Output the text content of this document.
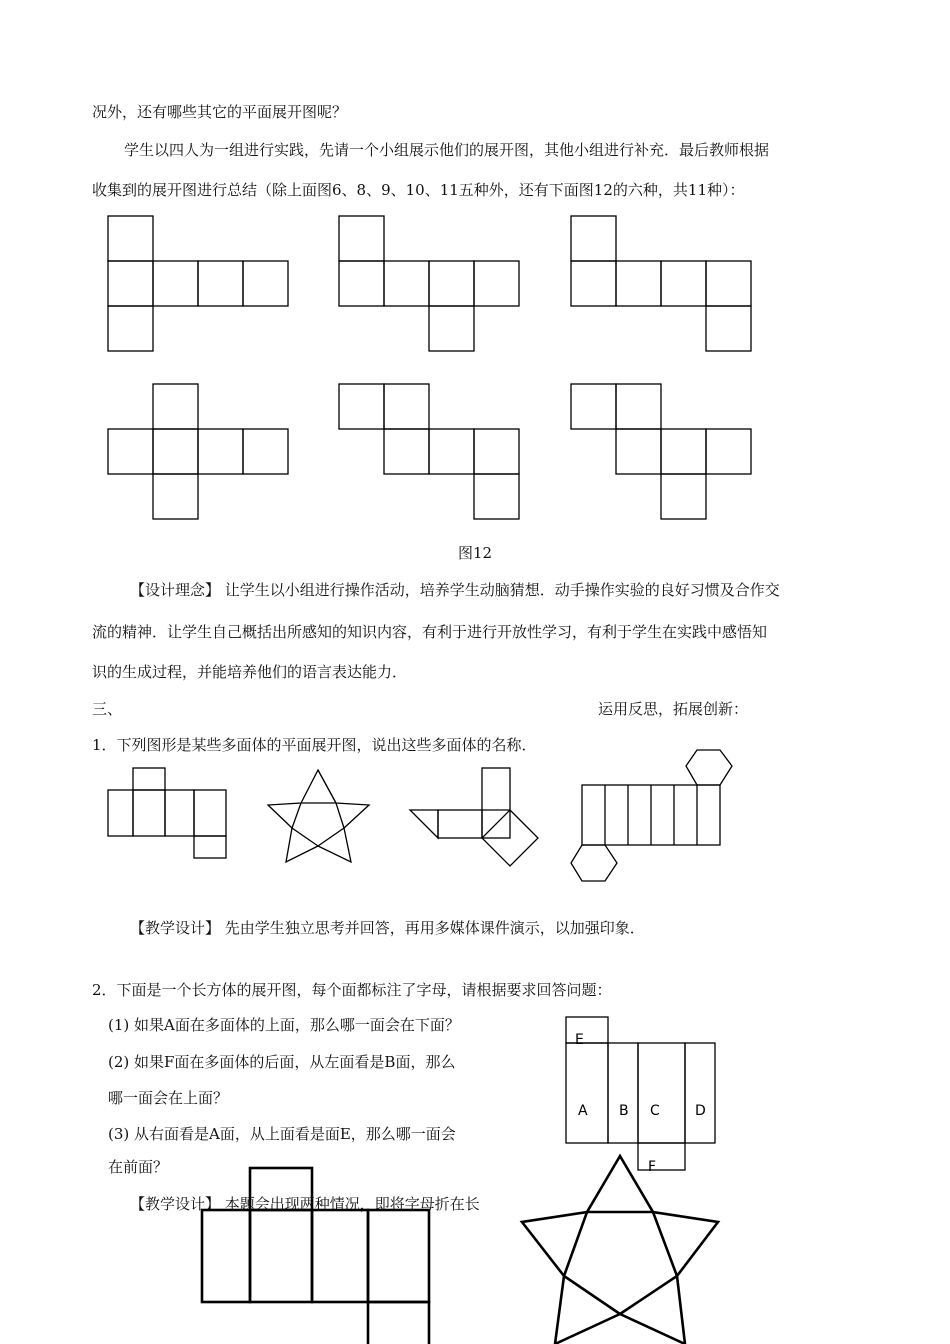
况外，还有哪些其它的平面展开图呢？
学生以四人为一组进行实践，先请一个小组展示他们的展开图，其他小组进行补充．最后教师根据
收集到的展开图进行总结（除上面图6、8、9、10、11五种外，还有下面图12的六种，共11种）：
图12
【设计理念】 让学生以小组进行操作活动，培养学生动脑猜想．动手操作实验的良好习惯及合作交
流的精神．让学生自己概括出所感知的知识内容，有利于进行开放性学习，有利于学生在实践中感悟知
识的生成过程，并能培养他们的语言表达能力．
三、	运用反思，拓展创新：
1．下列图形是某些多面体的平面展开图，说出这些多面体的名称．
【教学设计】 先由学生独立思考并回答，再用多媒体课件演示，以加强印象．
2．下面是一个长方体的展开图，每个面都标注了字母，请根据要求回答问题：
(1) 如果A面在多面体的上面，那么哪一面会在下面？
(2) 如果F面在多面体的后面，从左面看是B面，那么
哪一面会在上面？
(3) 从右面看是A面，从上面看是面E，那么哪一面会
在前面？
【教学设计】 本题会出现两种情况，即将字母折在长
E
A B C	D
F
